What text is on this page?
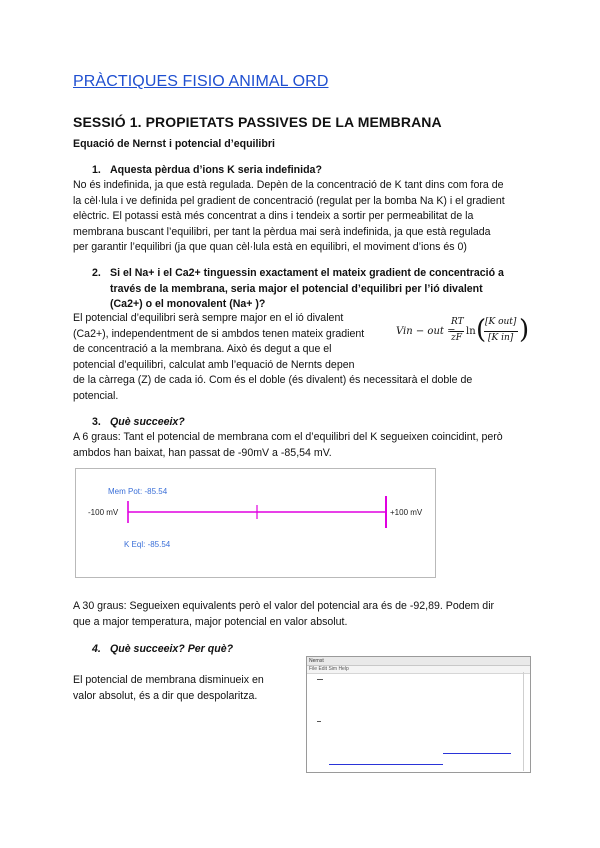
PRÀCTIQUES FISIO ANIMAL ORD
SESSIÓ 1. PROPIETATS PASSIVES DE LA MEMBRANA
Equació de Nernst i potencial d’equilibri
1. Aquesta pèrdua d’ions K seria indefinida?
No és indefinida, ja que està regulada. Depèn de la concentració de K tant dins com fora de
la cèl·lula i ve definida pel gradient de concentració (regulat per la bomba Na K) i el gradient
elèctric. El potassi està més concentrat a dins i tendeix a sortir per permeabilitat de la
membrana buscant l’equilibri, per tant la pèrdua mai serà indefinida, ja que està regulada
per garantir l’equilibri (ja que quan cèl·lula està en equilibri, el moviment d’ions és 0)
2. Si el Na+ i el Ca2+ tinguessin exactament el mateix gradient de concentració a
través de la membrana, seria major el potencial d’equilibri per l’ió divalent
(Ca2+) o el monovalent (Na+ )?
El potencial d’equilibri serà sempre major en el ió divalent
(Ca2+), independentment de si ambdos tenen mateix gradient
de concentració a la membrana. Això és degut a que el
potencial d’equilibri, calculat amb l’equació de Nernts depen
de la càrrega (Z) de cada ió. Com és el doble (és divalent) és necessitarà el doble de
potencial.
Vin − out =
RT
zF
ln (
[K out]
[K in] )
3. Què succeeix?
A 6 graus: Tant el potencial de membrana com el d’equilibri del K segueixen coincidint, però
ambdos han baixat, han passat de -90mV a -85,54 mV.
Mem Pot: -85.54
-100 mV	+100 mV
K Eql: -85.54
A 30 graus: Segueixen equivalents però el valor del potencial ara és de -92,89. Podem dir
que a major temperatura, major potencial en valor absolut.
4. Què succeeix? Per què?
El potencial de membrana disminueix en
valor absolut, és a dir que despolaritza.
Nernst
File Edit Sim Help
